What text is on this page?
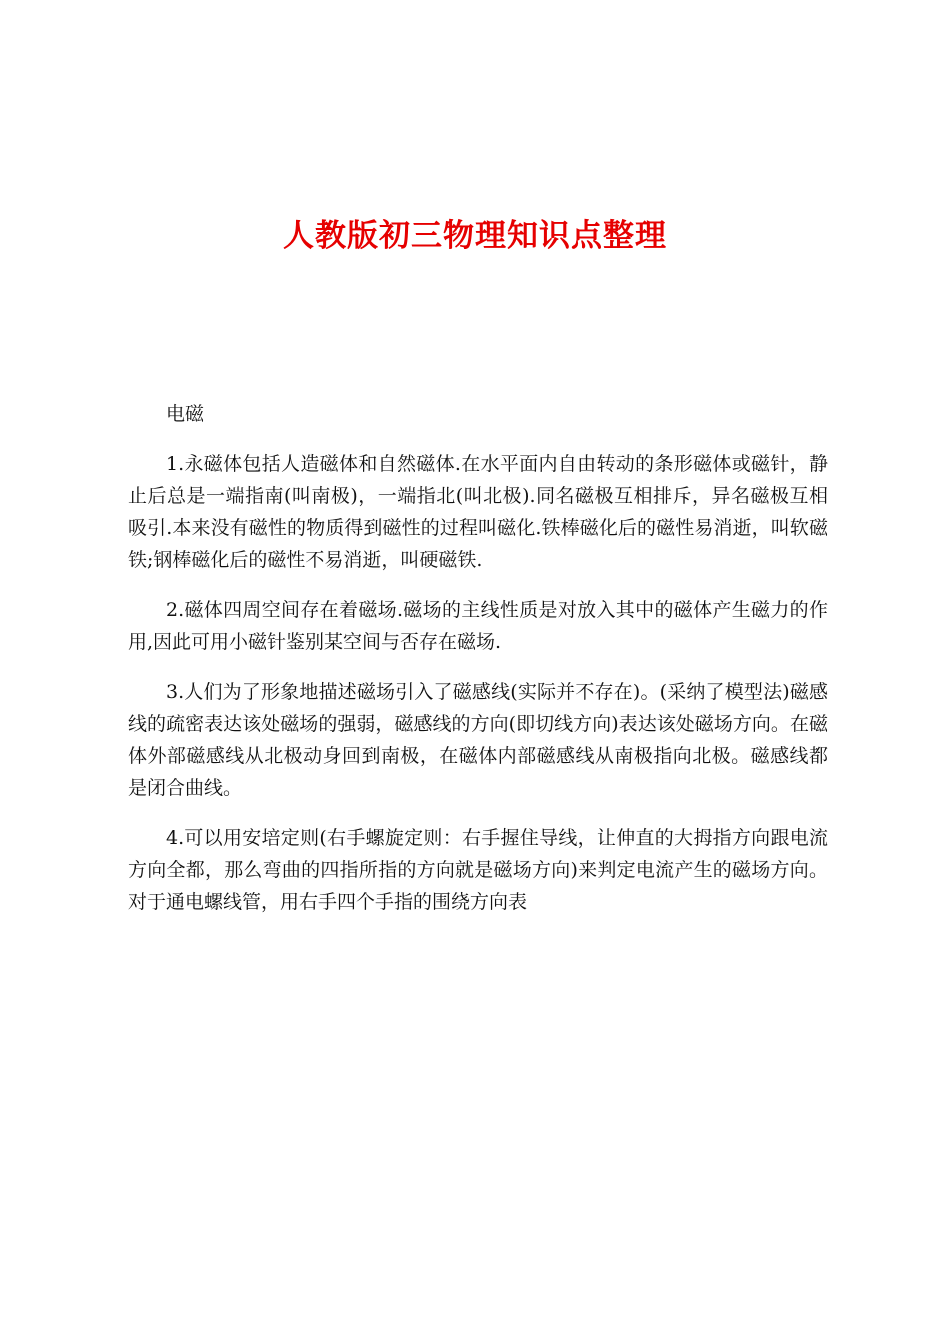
人教版初三物理知识点整理

电磁

1.永磁体包括人造磁体和自然磁体.在水平面内自由转动的条形磁体或磁针，静止后总是一端指南(叫南极)，一端指北(叫北极).同名磁极互相排斥，异名磁极互相吸引.本来没有磁性的物质得到磁性的过程叫磁化.铁棒磁化后的磁性易消逝，叫软磁铁;钢棒磁化后的磁性不易消逝，叫硬磁铁.

2.磁体四周空间存在着磁场.磁场的主线性质是对放入其中的磁体产生磁力的作用,因此可用小磁针鉴别某空间与否存在磁场.

3.人们为了形象地描述磁场引入了磁感线(实际并不存在)。(采纳了模型法)磁感线的疏密表达该处磁场的强弱，磁感线的方向(即切线方向)表达该处磁场方向。在磁体外部磁感线从北极动身回到南极，在磁体内部磁感线从南极指向北极。磁感线都是闭合曲线。

4.可以用安培定则(右手螺旋定则：右手握住导线，让伸直的大拇指方向跟电流方向全都，那么弯曲的四指所指的方向就是磁场方向)来判定电流产生的磁场方向。对于通电螺线管，用右手四个手指的围绕方向表
